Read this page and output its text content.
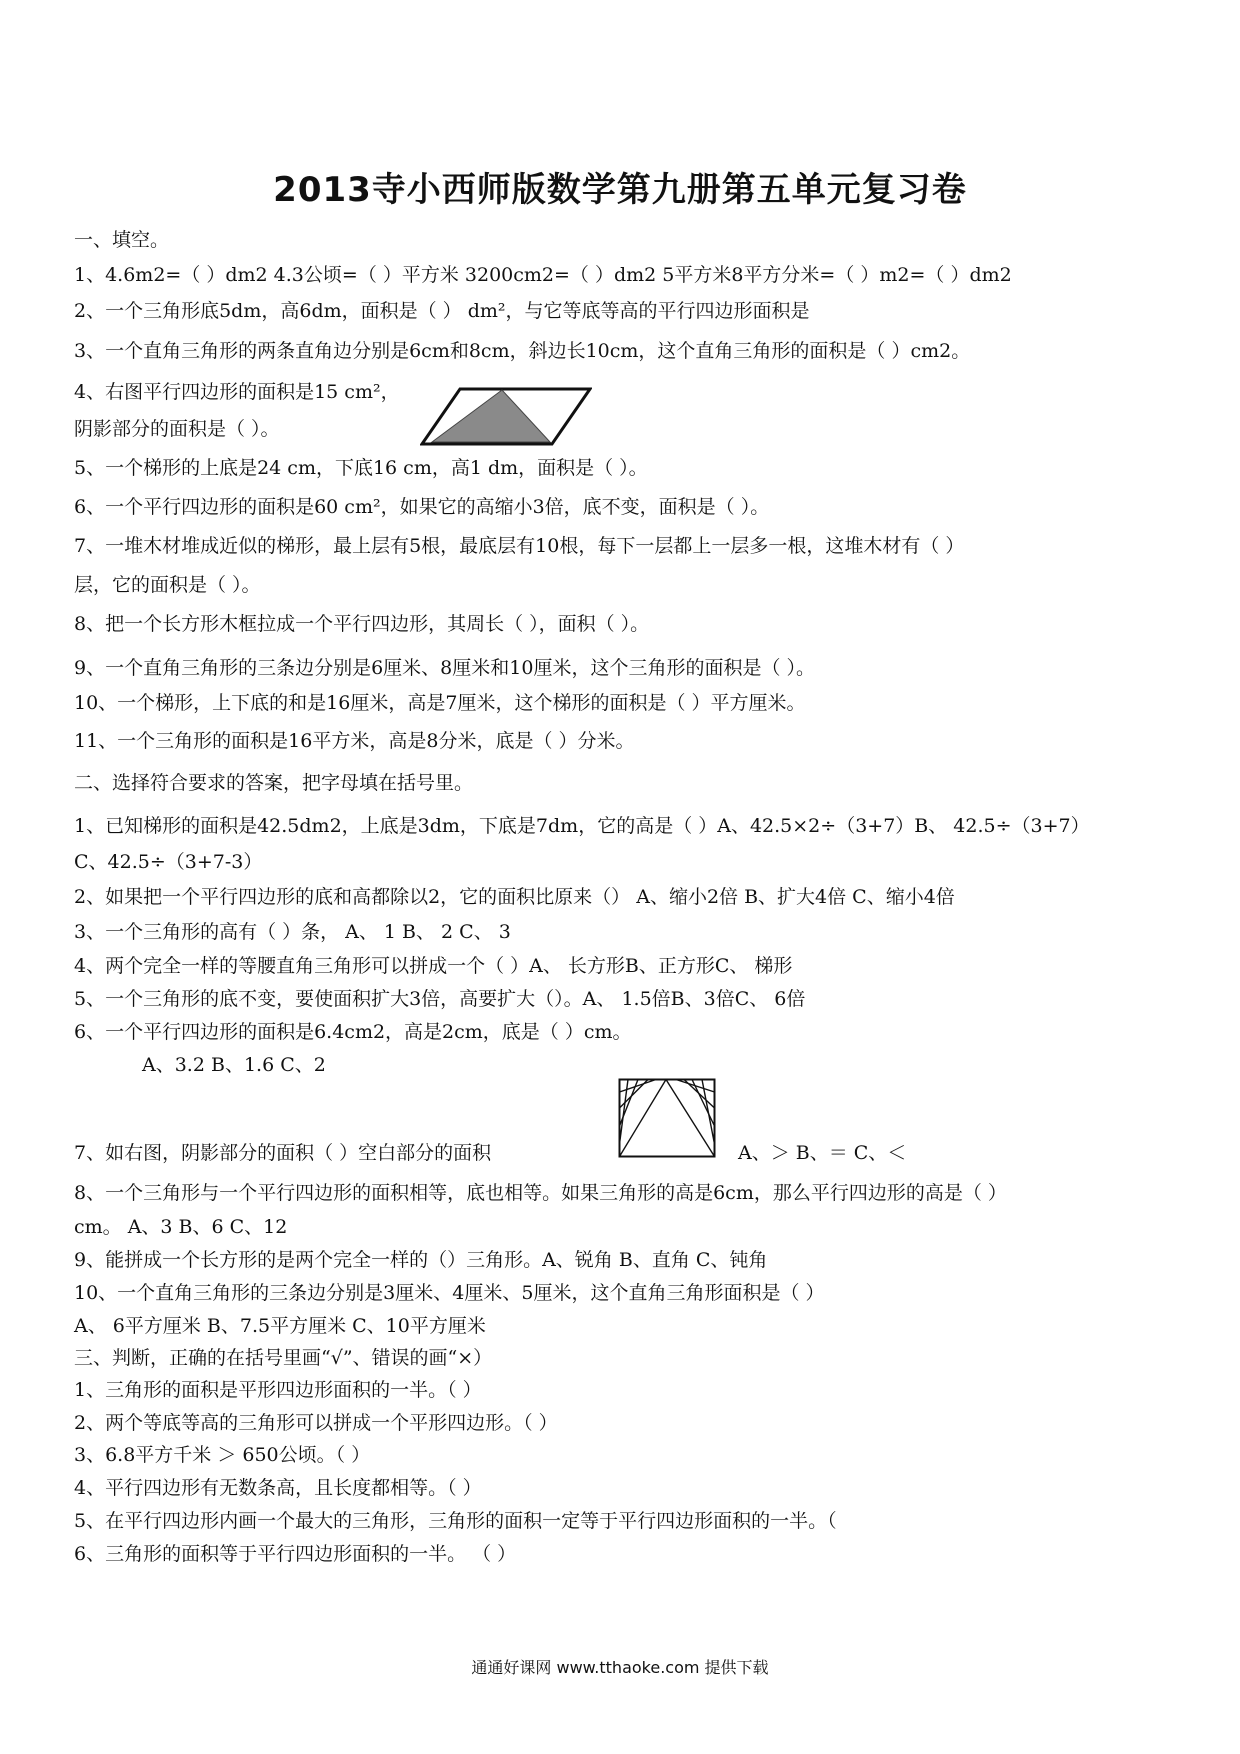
2013寺小西师版数学第九册第五单元复习卷
一、填空。
1、4.6m2=（ ）dm2 4.3公顷=（ ）平方米 3200cm2=（ ）dm2 5平方米8平方分米=（ ）m2=（ ）dm2
2、一个三角形底5dm，高6dm，面积是（ ） dm²，与它等底等高的平行四边形面积是
3、一个直角三角形的两条直角边分别是6cm和8cm，斜边长10cm，这个直角三角形的面积是（ ）cm2。
4、右图平行四边形的面积是15 cm²，
阴影部分的面积是（ ）。
5、一个梯形的上底是24 cm，下底16 cm，高1 dm，面积是（ ）。
6、一个平行四边形的面积是60 cm²，如果它的高缩小3倍，底不变，面积是（ ）。
7、一堆木材堆成近似的梯形，最上层有5根，最底层有10根，每下一层都上一层多一根，这堆木材有（ ）
层，它的面积是（ ）。
8、把一个长方形木框拉成一个平行四边形，其周长（ ），面积（ ）。
9、一个直角三角形的三条边分别是6厘米、8厘米和10厘米，这个三角形的面积是（ ）。
10、一个梯形，上下底的和是16厘米，高是7厘米，这个梯形的面积是（ ）平方厘米。
11、一个三角形的面积是16平方米，高是8分米，底是（ ）分米。
二、选择符合要求的答案，把字母填在括号里。
1、已知梯形的面积是42.5dm2，上底是3dm，下底是7dm，它的高是（ ）A、42.5×2÷（3+7）B、 42.5÷（3+7）
C、42.5÷（3+7-3）
2、如果把一个平行四边形的底和高都除以2，它的面积比原来（） A、缩小2倍 B、扩大4倍 C、缩小4倍
3、一个三角形的高有（ ）条， A、 1 B、 2 C、 3
4、两个完全一样的等腰直角三角形可以拼成一个（ ）A、 长方形B、正方形C、 梯形
5、一个三角形的底不变，要使面积扩大3倍，高要扩大（）。A、 1.5倍B、3倍C、 6倍
6、一个平行四边形的面积是6.4cm2，高是2cm，底是（ ）cm。
A、3.2 B、1.6 C、2
7、如右图，阴影部分的面积（ ）空白部分的面积	A、＞ B、＝ C、＜
8、一个三角形与一个平行四边形的面积相等，底也相等。如果三角形的高是6cm，那么平行四边形的高是（ ）
cm。 A、3 B、6 C、12
9、能拼成一个长方形的是两个完全一样的（）三角形。A、锐角 B、直角 C、钝角
10、一个直角三角形的三条边分别是3厘米、4厘米、5厘米，这个直角三角形面积是（ ）
A、 6平方厘米 B、7.5平方厘米 C、10平方厘米
三、判断，正确的在括号里画“√”、错误的画“×）
1、三角形的面积是平形四边形面积的一半。（ ）
2、两个等底等高的三角形可以拼成一个平形四边形。（ ）
3、6.8平方千米 ＞ 650公顷。（ ）
4、平行四边形有无数条高，且长度都相等。（ ）
5、在平行四边形内画一个最大的三角形，三角形的面积一定等于平行四边形面积的一半。（
6、三角形的面积等于平行四边形面积的一半。 （ ）
通通好课网 www.tthaoke.com 提供下载
